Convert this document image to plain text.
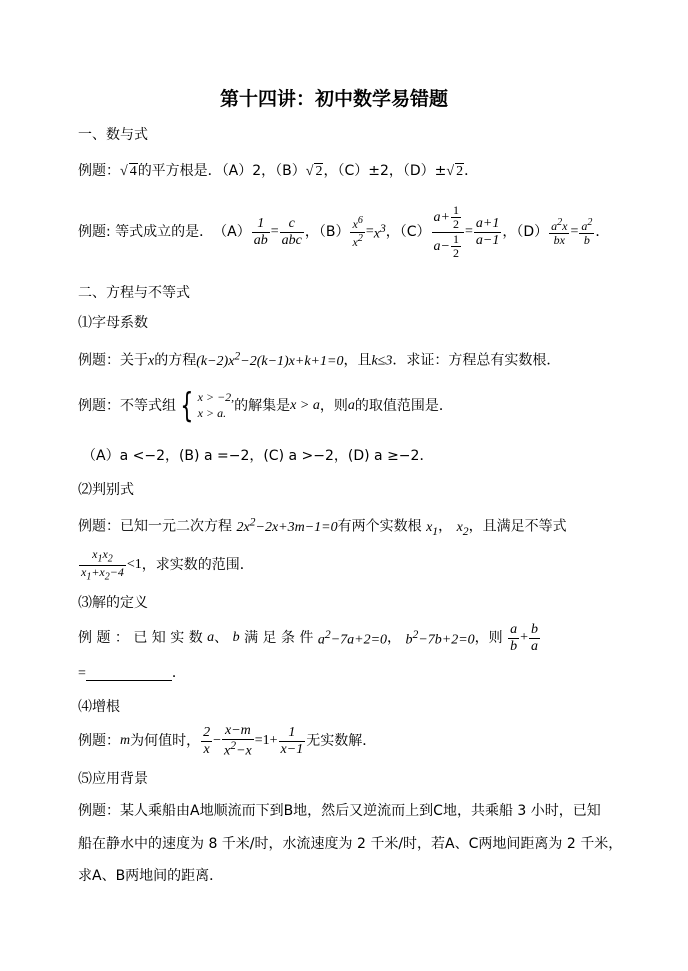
第十四讲：初中数学易错题
一、数与式
例题：√ 4的平方根是．（A）2，（B）√ 2，（C）±2，（D）±√ 2．
例题: 等式成立的是． $(A) \frac{1}{ab} = \frac{c}{\text{abc}}$ ，$(B) \frac{x^6}{x^2} = x^3$ ，$(C) \frac{a+ \frac{1}{2}}{a- \frac{1}{2}} = \frac{a+1}{a-1}$ ，$(D) \frac{a^2x}{bx} = \frac{a^2}{b}$ ．
二、方程与不等式
⑴字母系数
例题：关于x的方程$(k-2)x^2-2(k-1)x+k+1=0$，且k≤3．求证：方程总有实数根．
例题：不等式组 { x > −2,
x > a. 的解集是 x > a ，则 a 的取值范围是．
（A）a <−2，(B) a =−2，(C) a >−2，(D) a ≥−2．
⑵判别式
例题：已知一元二次方程 $2x^2-2x+3m-1=0$有两个实数根 $x_1$， $x_2$，且满足不等式
$\frac{x_1x_2}{x_1+x_2-4} <1$ ，求实数的范围．
⑶解的定义
例 题 ： 已 知 实 数
a 、 b
满 足 条 件
$a^2-7a+2=0$ ， $b^2-7b+2=0$ ，则
$\frac{a}{b} + \frac{b}{a}$
=	．
⑷增根
例题： m 为何值时， $\frac{2}{x} - \frac{x-m}{x^2-x} =1+ \frac{1}{x-1}$ 无实数解．
⑸应用背景
例题：某人乘船由A地顺流而下到B地，然后又逆流而上到C地，共乘船 3 小时，已知
船在静水中的速度为 8 千米/时，水流速度为 2 千米/时，若A、C两地间距离为 2 千米，
求A、B两地间的距离．
